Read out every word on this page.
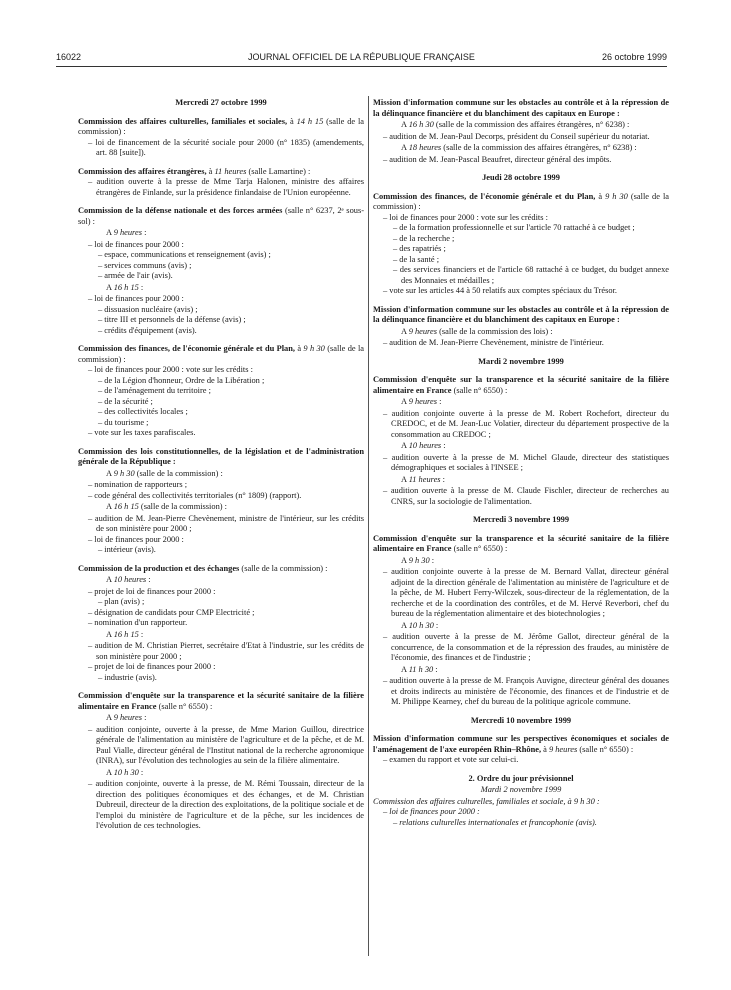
16022	JOURNAL OFFICIEL DE LA RÉPUBLIQUE FRANÇAISE	26 octobre 1999
Mercredi 27 octobre 1999

Commission des affaires culturelles, familiales et sociales, à 14 h 15 (salle de la commission) :

– loi de financement de la sécurité sociale pour 2000 (n° 1835) (amendements, art. 88 [suite]).

Commission des affaires étrangères, à 11 heures (salle Lamartine) :

– audition ouverte à la presse de Mme Tarja Halonen, ministre des affaires étrangères de Finlande, sur la présidence finlandaise de l'Union européenne.

Commission de la défense nationale et des forces armées (salle n° 6237, 2ᵉ sous-sol) :

A 9 heures :

– loi de finances pour 2000 :

– espace, communications et renseignement (avis) ;

– services communs (avis) ;

– armée de l'air (avis).

A 16 h 15 :

– loi de finances pour 2000 :

– dissuasion nucléaire (avis) ;

– titre III et personnels de la défense (avis) ;

– crédits d'équipement (avis).

Commission des finances, de l'économie générale et du Plan, à 9 h 30 (salle de la commission) :

– loi de finances pour 2000 : vote sur les crédits :

– de la Légion d'honneur, Ordre de la Libération ;

– de l'aménagement du territoire ;

– de la sécurité ;

– des collectivités locales ;

– du tourisme ;

– vote sur les taxes parafiscales.

Commission des lois constitutionnelles, de la législation et de l'administration générale de la République :

A 9 h 30 (salle de la commission) :

– nomination de rapporteurs ;

– code général des collectivités territoriales (n° 1809) (rapport).

A 16 h 15 (salle de la commission) :

– audition de M. Jean-Pierre Chevènement, ministre de l'intérieur, sur les crédits de son ministère pour 2000 ;

– loi de finances pour 2000 :

– intérieur (avis).

Commission de la production et des échanges (salle de la commission) :

A 10 heures :

– projet de loi de finances pour 2000 :

– plan (avis) ;

– désignation de candidats pour CMP Electricité ;

– nomination d'un rapporteur.

A 16 h 15 :

– audition de M. Christian Pierret, secrétaire d'Etat à l'industrie, sur les crédits de son ministère pour 2000 ;

– projet de loi de finances pour 2000 :

– industrie (avis).

Commission d'enquête sur la transparence et la sécurité sanitaire de la filière alimentaire en France (salle n° 6550) :

A 9 heures :

– audition conjointe, ouverte à la presse, de Mme Marion Guillou, directrice générale de l'alimentation au ministère de l'agriculture et de la pêche, et de M. Paul Vialle, directeur général de l'Institut national de la recherche agronomique (INRA), sur l'évolution des technologies au sein de la filière alimentaire.

A 10 h 30 :

– audition conjointe, ouverte à la presse, de M. Rémi Toussain, directeur de la direction des politiques économiques et des échanges, et de M. Christian Dubreuil, directeur de la direction des exploitations, de la politique sociale et de l'emploi du ministère de l'agriculture et de la pêche, sur les incidences de l'évolution de ces technologies.

Mission d'information commune sur les obstacles au contrôle et à la répression de la délinquance financière et du blanchiment des capitaux en Europe :

A 16 h 30 (salle de la commission des affaires étrangères, n° 6238) :

– audition de M. Jean-Paul Decorps, président du Conseil supérieur du notariat.

A 18 heures (salle de la commission des affaires étrangères, n° 6238) :

– audition de M. Jean-Pascal Beaufret, directeur général des impôts.

Jeudi 28 octobre 1999

Commission des finances, de l'économie générale et du Plan, à 9 h 30 (salle de la commission) :

– loi de finances pour 2000 : vote sur les crédits :

– de la formation professionnelle et sur l'article 70 rattaché à ce budget ;

– de la recherche ;

– des rapatriés ;

– de la santé ;

– des services financiers et de l'article 68 rattaché à ce budget, du budget annexe des Monnaies et médailles ;

– vote sur les articles 44 à 50 relatifs aux comptes spéciaux du Trésor.

Mission d'information commune sur les obstacles au contrôle et à la répression de la délinquance financière et du blanchiment des capitaux en Europe :

A 9 heures (salle de la commission des lois) :

– audition de M. Jean-Pierre Chevènement, ministre de l'intérieur.

Mardi 2 novembre 1999

Commission d'enquête sur la transparence et la sécurité sanitaire de la filière alimentaire en France (salle n° 6550) :

A 9 heures :

– audition conjointe ouverte à la presse de M. Robert Rochefort, directeur du CREDOC, et de M. Jean-Luc Volatier, directeur du département prospective de la consommation au CREDOC ;

A 10 heures :

– audition ouverte à la presse de M. Michel Glaude, directeur des statistiques démographiques et sociales à l'INSEE ;

A 11 heures :

– audition ouverte à la presse de M. Claude Fischler, directeur de recherches au CNRS, sur la sociologie de l'alimentation.

Mercredi 3 novembre 1999

Commission d'enquête sur la transparence et la sécurité sanitaire de la filière alimentaire en France (salle n° 6550) :

A 9 h 30 :

– audition conjointe ouverte à la presse de M. Bernard Vallat, directeur général adjoint de la direction générale de l'alimentation au ministère de l'agriculture et de la pêche, de M. Hubert Ferry-Wilczek, sous-directeur de la réglementation, de la recherche et de la coordination des contrôles, et de M. Hervé Reverbori, chef du bureau de la réglementation alimentaire et des biotechnologies ;

A 10 h 30 :

– audition ouverte à la presse de M. Jérôme Gallot, directeur général de la concurrence, de la consommation et de la répression des fraudes, au ministère de l'économie, des finances et de l'industrie ;

A 11 h 30 :

– audition ouverte à la presse de M. François Auvigne, directeur général des douanes et droits indirects au ministère de l'économie, des finances et de l'industrie et de M. Philippe Kearney, chef du bureau de la politique agricole commune.

Mercredi 10 novembre 1999

Mission d'information commune sur les perspectives économiques et sociales de l'aménagement de l'axe européen Rhin–Rhône, à 9 heures (salle n° 6550) :

– examen du rapport et vote sur celui-ci.

2. Ordre du jour prévisionnel
Mardi 2 novembre 1999

Commission des affaires culturelles, familiales et sociale, à 9 h 30 :

– loi de finances pour 2000 :

– relations culturelles internationales et francophonie (avis).
